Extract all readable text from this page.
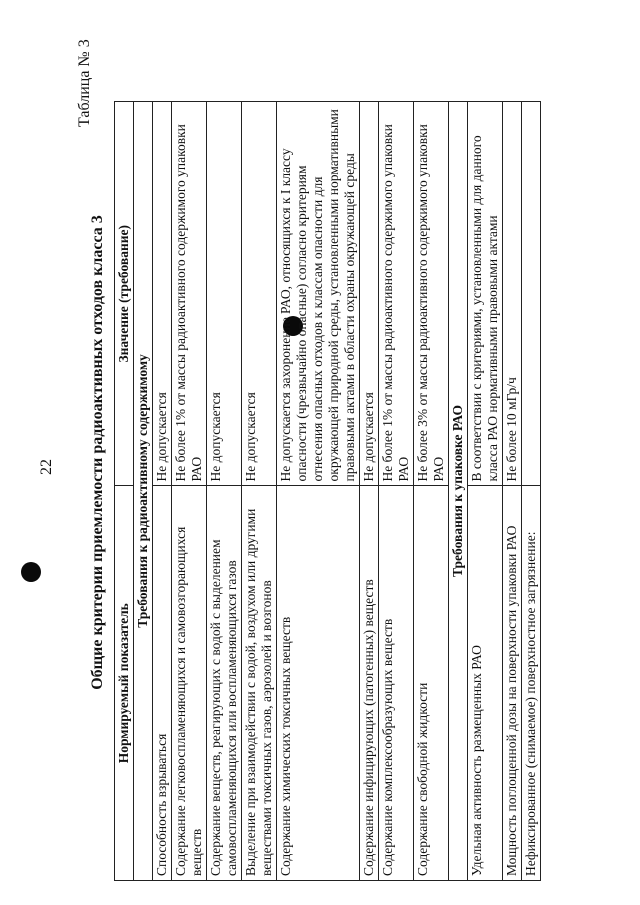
22
Таблица № 3
Общие критерии приемлемости радиоактивных отходов класса 3 Нормируемый показатель	Значение (требование)
Требования к радиоактивному содержимому	
Способность взрываться	Не допускается
Содержание легковоспламеняющихся и самовозгорающихся веществ	Не более 1% от массы радиоактивного содержимого упаковки РАО
Содержание веществ, реагирующих с водой с выделением самовоспламеняющихся или воспламеняющихся газов	Не допускается
Выделение при взаимодействии с водой, воздухом или другими веществами токсичных газов, аэрозолей и возгонов	Не допускается
Содержание химических токсичных веществ	Не допускается захоронение РАО, относящихся к I классу опасности (чрезвычайно опасные) согласно критериям отнесения опасных отходов к классам опасности для окружающей природной среды, установленными нормативными правовыми актами в области охраны окружающей среды
Содержание инфицирующих (патогенных) веществ	Не допускается
Содержание комплексообразующих веществ	Не более 1% от массы радиоактивного содержимого упаковки РАО
Содержание свободной жидкости	Не более 3% от массы радиоактивного содержимого упаковки РАО
Требования к упаковке РАО	
Удельная активность размещенных РАО	В соответствии с критериями, установленными для данного класса РАО нормативными правовыми актами
Мощность поглощенной дозы на поверхности упаковки РАО	Не более 10 мГр/ч
Нефиксированное (снимаемое) поверхностное загрязнение:	
